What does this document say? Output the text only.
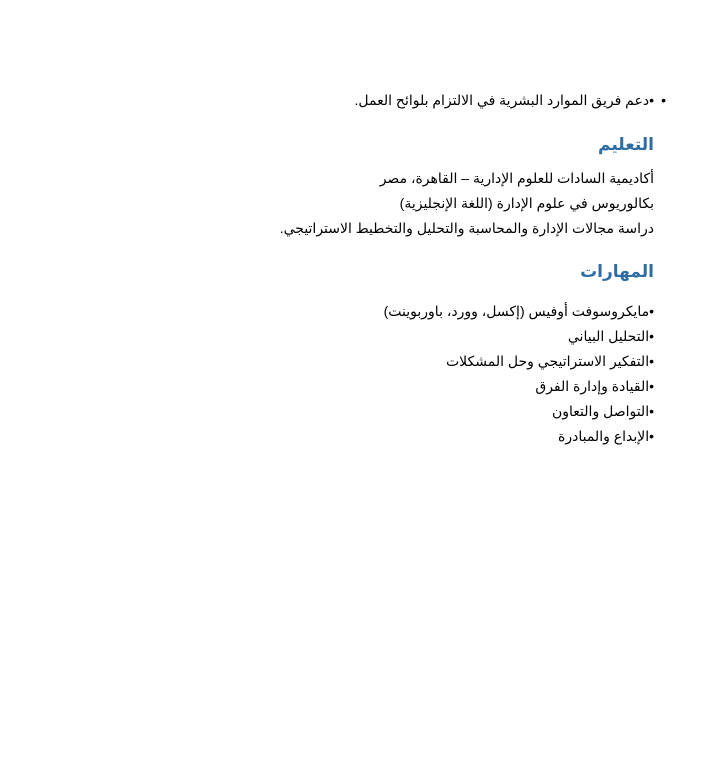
•
•دعم فريق الموارد البشرية في الالتزام بلوائح العمل.
التعليم
أكاديمية السادات للعلوم الإدارية – القاهرة، مصر
بكالوريوس في علوم الإدارة (اللغة الإنجليزية)
دراسة مجالات الإدارة والمحاسبة والتحليل والتخطيط الاستراتيجي.
المهارات
•مايكروسوفت أوفيس (إكسل، وورد، باوربوينت)
•التحليل البياني
•التفكير الاستراتيجي وحل المشكلات
•القيادة وإدارة الفرق
•التواصل والتعاون
•الإبداع والمبادرة
